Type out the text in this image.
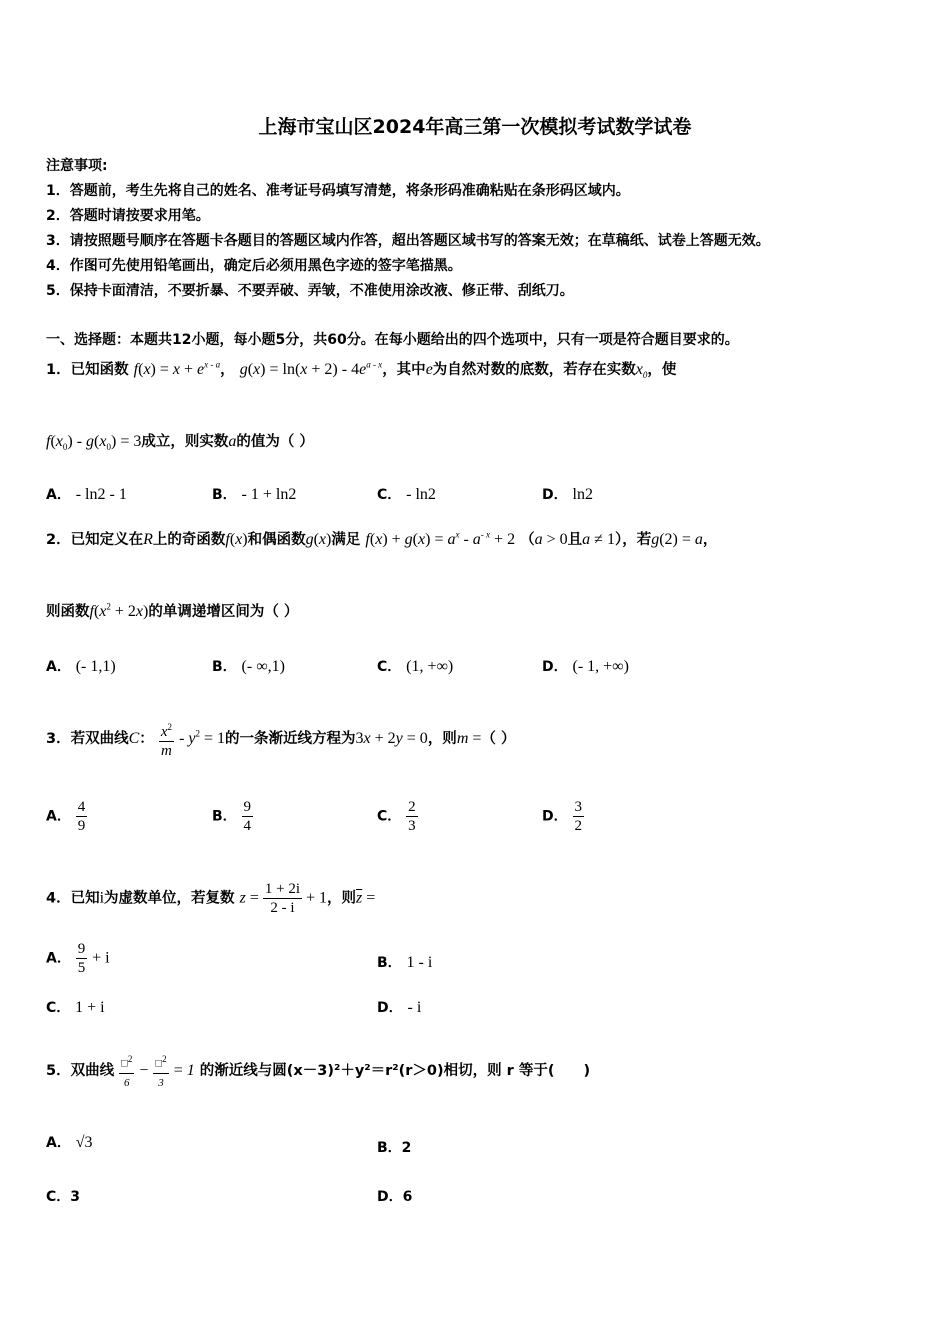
上海市宝山区2024年高三第一次模拟考试数学试卷
注意事项:
1．答题前，考生先将自己的姓名、准考证号码填写清楚，将条形码准确粘贴在条形码区域内。
2．答题时请按要求用笔。
3．请按照题号顺序在答题卡各题目的答题区域内作答，超出答题区域书写的答案无效；在草稿纸、试卷上答题无效。
4．作图可先使用铅笔画出，确定后必须用黑色字迹的签字笔描黑。
5．保持卡面清洁，不要折暴、不要弄破、弄皱，不准使用涂改液、修正带、刮纸刀。
一、选择题：本题共12小题，每小题5分，共60分。在每小题给出的四个选项中，只有一项是符合题目要求的。
1．已知函数 $f(x) = x + e^{x - a}$， $g(x) = \ln(x + 2) - 4e^{a - x}$，其中e为自然对数的底数，若存在实数$x_0$，使
$f(x_0) - g(x_0) = 3$成立，则实数a的值为（ ）
A． - ln2 - 1	B． - 1 + ln2	C． - ln2	D． ln2
2．已知定义在R上的奇函数f(x)和偶函数g(x)满足 $f(x) + g(x) = a^x - a^{- x} + 2$ （a > 0且a ≠ 1），若g(2) = a，
则函数$f(x^2 + 2x)$的单调递增区间为（ ）
A． (- 1,1)	B． (- ∞,1)	C． (1, +∞)	D． (- 1, +∞)
3．若双曲线C： $\frac{x^2}{m} - y^2 = 1$的一条渐近线方程为3x + 2y = 0，则m =（ ）
A． $\frac{4}{9}$	B． $\frac{9}{4}$	C． $\frac{2}{3}$	D． $\frac{3}{2}$
4．已知i为虚数单位，若复数 $z = \frac{1 + 2i}{2 - i} + 1$，则$\overline{z}$ =
A． $\frac{9}{5} + i$	B． 1 - i
C． 1 + i	D． - i
5．双曲线 $\frac{□^2}{6} - \frac{□^2}{3} = 1$ 的渐近线与圆(x－3)²＋y²＝r²(r＞0)相切，则 r 等于(　　)
A． √3	B．2
C．3	D．6
